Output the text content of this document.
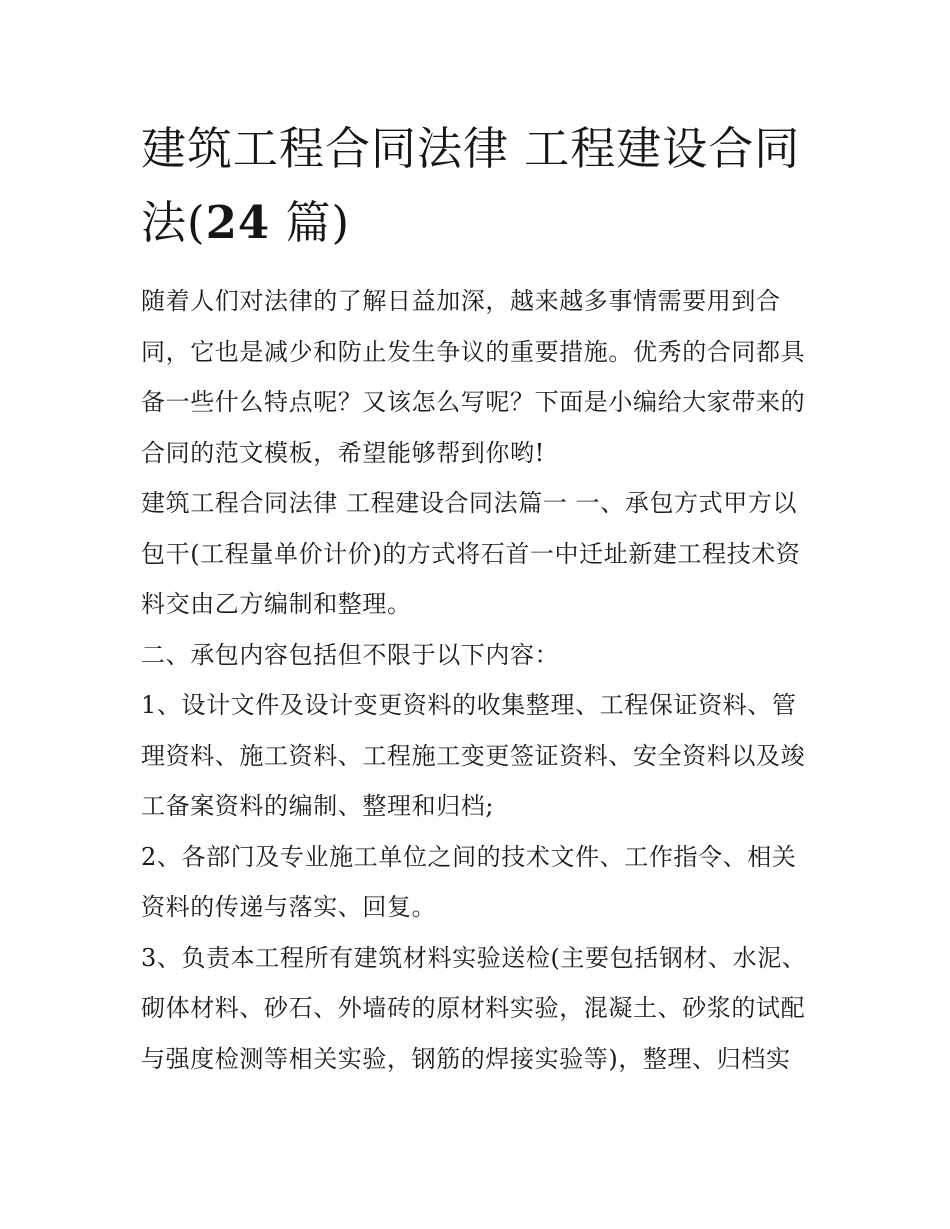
建筑工程合同法律 工程建设合同法(24 篇)

随着人们对法律的了解日益加深，越来越多事情需要用到合同，它也是减少和防止发生争议的重要措施。优秀的合同都具备一些什么特点呢？又该怎么写呢？下面是小编给大家带来的合同的范文模板，希望能够帮到你哟!

建筑工程合同法律 工程建设合同法篇一 一、承包方式甲方以包干(工程量单价计价)的方式将石首一中迁址新建工程技术资料交由乙方编制和整理。

二、承包内容包括但不限于以下内容：

1、设计文件及设计变更资料的收集整理、工程保证资料、管理资料、施工资料、工程施工变更签证资料、安全资料以及竣工备案资料的编制、整理和归档;

2、各部门及专业施工单位之间的技术文件、工作指令、相关资料的传递与落实、回复。

3、负责本工程所有建筑材料实验送检(主要包括钢材、水泥、砌体材料、砂石、外墙砖的原材料实验，混凝土、砂浆的试配与强度检测等相关实验，钢筋的焊接实验等)，整理、归档实
